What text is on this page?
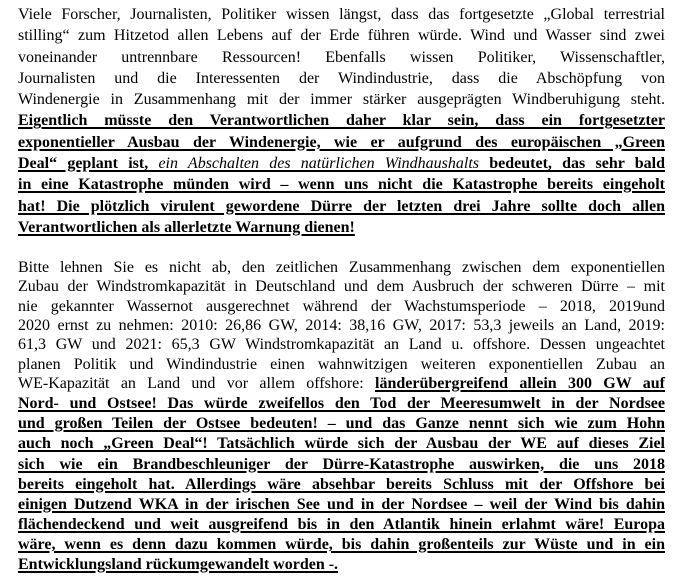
Viele Forscher, Journalisten, Politiker wissen längst, dass das fortgesetzte „Global terrestrial
stilling“ zum Hitzetod allen Lebens auf der Erde führen würde. Wind und Wasser sind zwei
voneinander untrennbare Ressourcen! Ebenfalls wissen Politiker, Wissenschaftler,
Journalisten und die Interessenten der Windindustrie, dass die Abschöpfung von
Windenergie in Zusammenhang mit der immer stärker ausgeprägten Windberuhigung steht.
Eigentlich müsste den Verantwortlichen daher klar sein, dass ein fortgesetzter
exponentieller Ausbau der Windenergie, wie er aufgrund des europäischen „Green
Deal“ geplant ist, ein Abschalten des natürlichen Windhaushalts bedeutet, das sehr bald
in eine Katastrophe münden wird – wenn uns nicht die Katastrophe bereits eingeholt
hat! Die plötzlich virulent gewordene Dürre der letzten drei Jahre sollte doch allen
Verantwortlichen als allerletzte Warnung dienen!
Bitte lehnen Sie es nicht ab, den zeitlichen Zusammenhang zwischen dem exponentiellen
Zubau der Windstromkapazität in Deutschland und dem Ausbruch der schweren Dürre – mit
nie gekannter Wassernot ausgerechnet während der Wachstumsperiode – 2018, 2019und
2020 ernst zu nehmen: 2010: 26,86 GW, 2014: 38,16 GW, 2017: 53,3 jeweils an Land, 2019:
61,3 GW und 2021: 65,3 GW Windstromkapazität an Land u. offshore. Dessen ungeachtet
planen Politik und Windindustrie einen wahnwitzigen weiteren exponentiellen Zubau an
WE-Kapazität an Land und vor allem offshore: länderübergreifend allein 300 GW auf
Nord- und Ostsee! Das würde zweifellos den Tod der Meeresumwelt in der Nordsee
und großen Teilen der Ostsee bedeuten! – und das Ganze nennt sich wie zum Hohn
auch noch „Green Deal“! Tatsächlich würde sich der Ausbau der WE auf dieses Ziel
sich wie ein Brandbeschleuniger der Dürre-Katastrophe auswirken, die uns 2018
bereits eingeholt hat. Allerdings wäre absehbar bereits Schluss mit der Offshore bei
einigen Dutzend WKA in der irischen See und in der Nordsee – weil der Wind bis dahin
flächendeckend und weit ausgreifend bis in den Atlantik hinein erlahmt wäre! Europa
wäre, wenn es denn dazu kommen würde, bis dahin großenteils zur Wüste und in ein
Entwicklungsland rückumgewandelt worden -.
